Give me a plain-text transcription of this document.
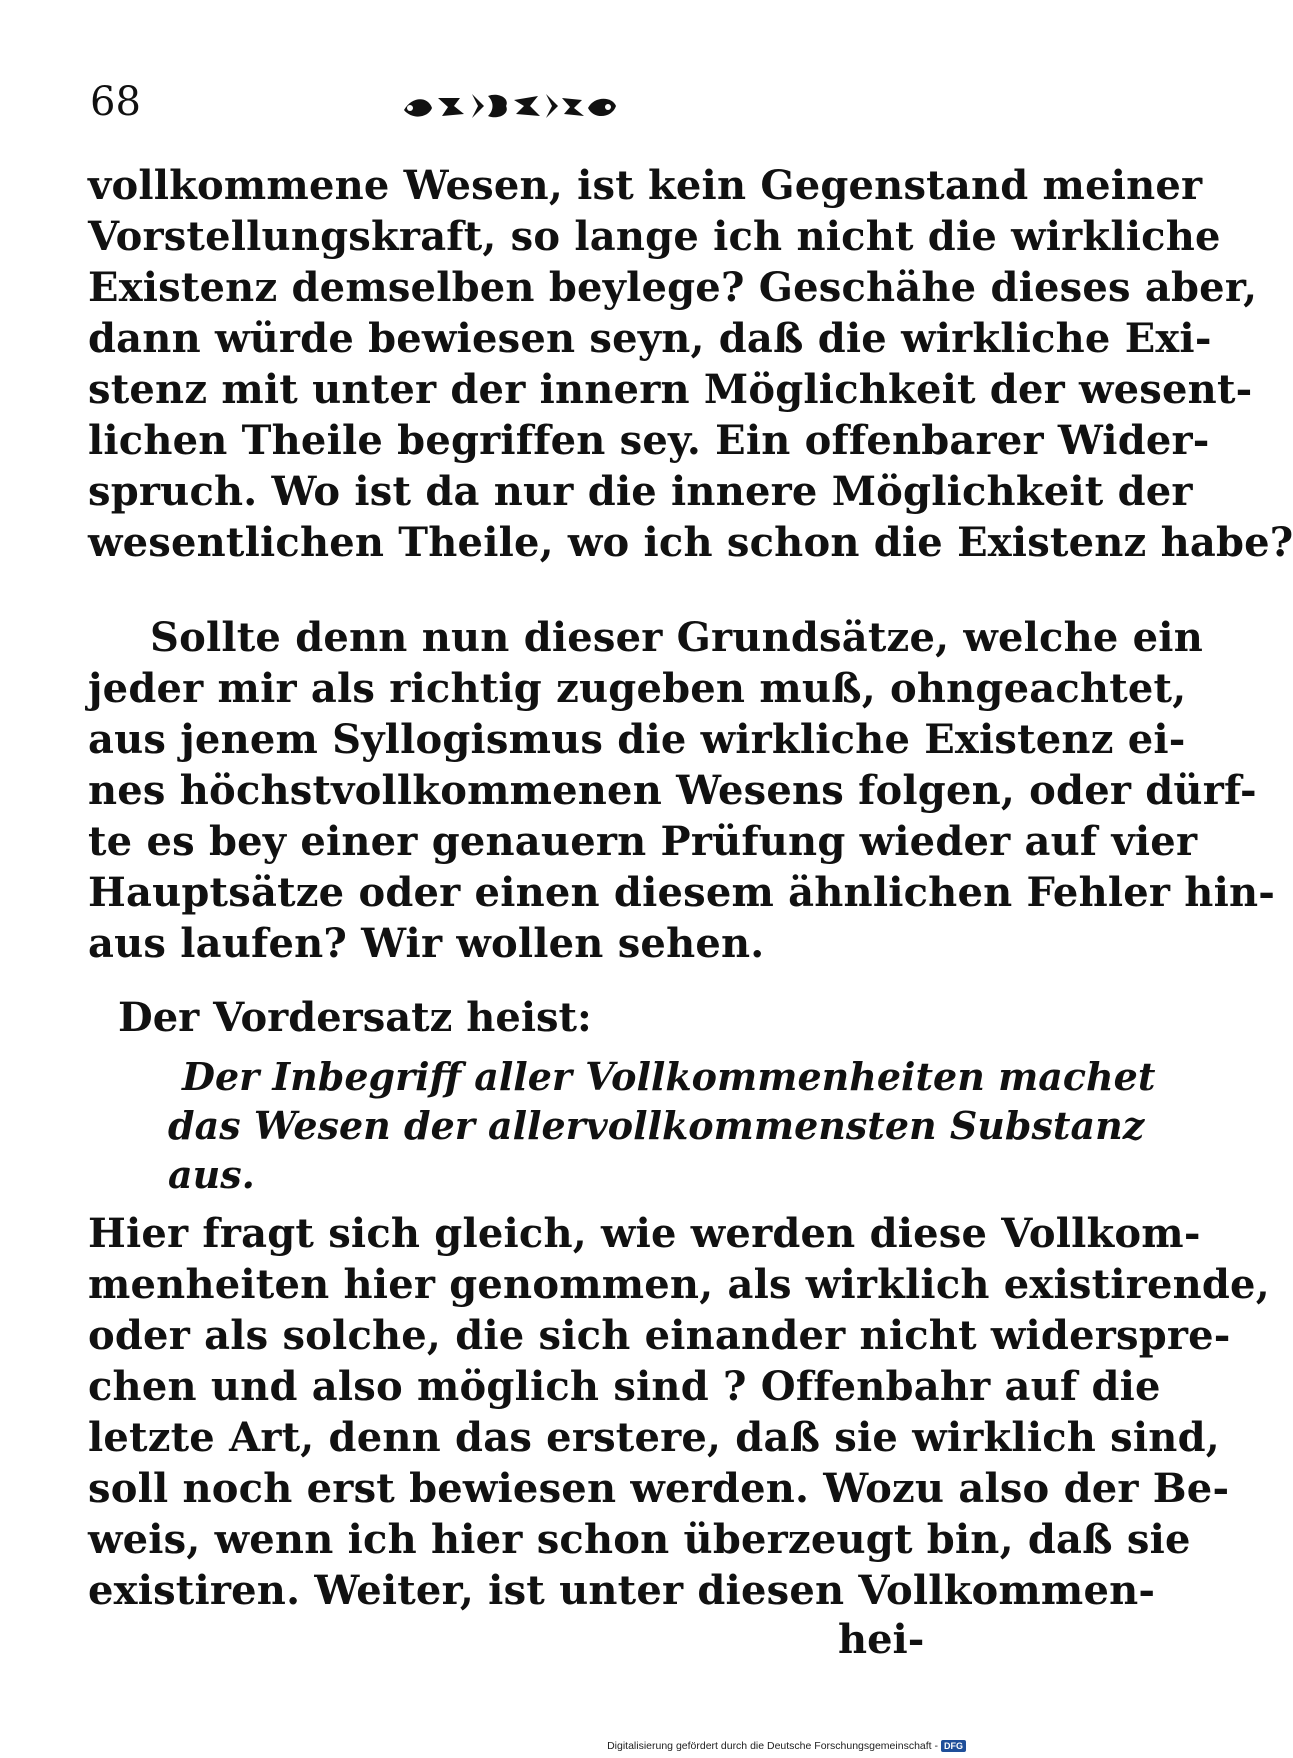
68
vollkommene Wesen, ist kein Gegenstand meiner
Vorstellungskraft, so lange ich nicht die wirkliche
Existenz demselben beylege? Geschähe dieses aber,
dann würde bewiesen seyn, daß die wirkliche Exi-
stenz mit unter der innern Möglichkeit der wesent-
lichen Theile begriffen sey. Ein offenbarer Wider-
spruch. Wo ist da nur die innere Möglichkeit der
wesentlichen Theile, wo ich schon die Existenz habe?
Sollte denn nun dieser Grundsätze, welche ein
jeder mir als richtig zugeben muß, ohngeachtet,
aus jenem Syllogismus die wirkliche Existenz ei-
nes höchstvollkommenen Wesens folgen, oder dürf-
te es bey einer genauern Prüfung wieder auf vier
Hauptsätze oder einen diesem ähnlichen Fehler hin-
aus laufen? Wir wollen sehen.
Der Vordersatz heist:
Der Inbegriff aller Vollkommenheiten machet
das Wesen der allervollkommensten Substanz
aus.
Hier fragt sich gleich, wie werden diese Vollkom-
menheiten hier genommen, als wirklich existirende,
oder als solche, die sich einander nicht widerspre-
chen und also möglich sind ? Offenbahr auf die
letzte Art, denn das erstere, daß sie wirklich sind,
soll noch erst bewiesen werden. Wozu also der Be-
weis, wenn ich hier schon überzeugt bin, daß sie
existiren. Weiter, ist unter diesen Vollkommen-
hei-
Digitalisierung gefördert durch die Deutsche Forschungsgemeinschaft - DFG
